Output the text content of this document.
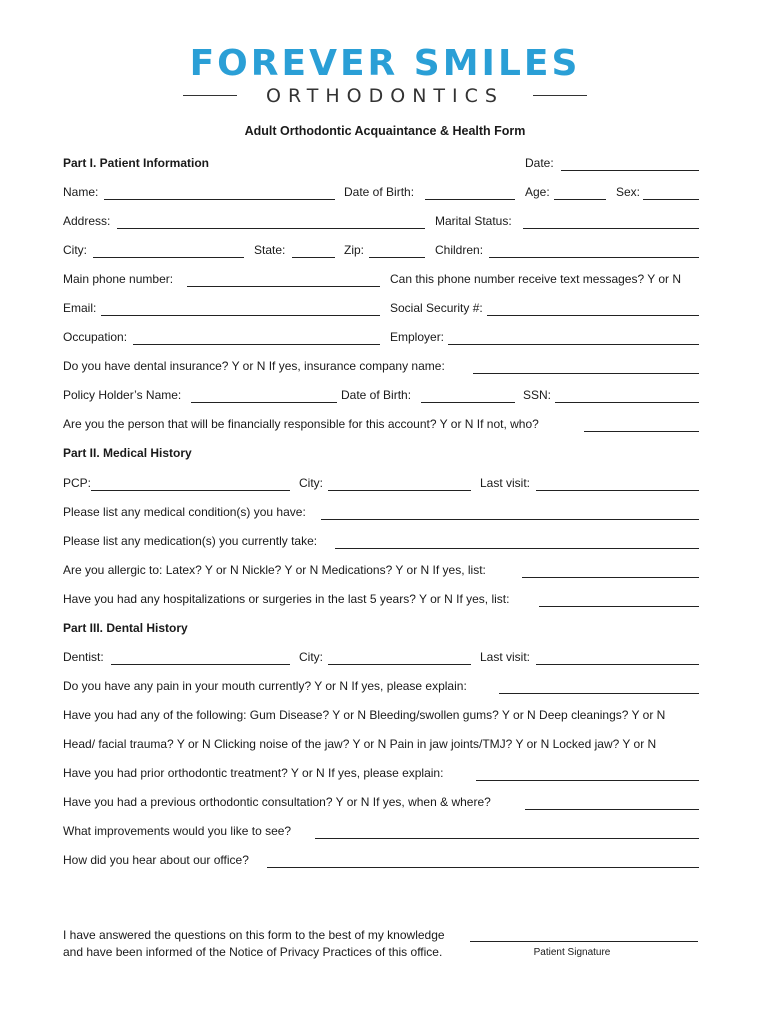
FOREVER SMILES
ORTHODONTICS
Adult Orthodontic Acquaintance & Health Form
Part I. Patient Information	Date:
Name:	Date of Birth:	Age:	Sex:
Address:	Marital Status:
City:	State:	Zip:	Children:
Main phone number:	Can this phone number receive text messages? Y or N
Email:	Social Security #:
Occupation:	Employer:
Do you have dental insurance? Y or N If yes, insurance company name:
Policy Holder’s Name:	Date of Birth:	SSN:
Are you the person that will be financially responsible for this account? Y or N If not, who?
Part II. Medical History
PCP:	City:	Last visit:
Please list any medical condition(s) you have:
Please list any medication(s) you currently take:
Are you allergic to: Latex? Y or N Nickle? Y or N Medications? Y or N If yes, list:
Have you had any hospitalizations or surgeries in the last 5 years? Y or N If yes, list:
Part III. Dental History
Dentist:	City:	Last visit:
Do you have any pain in your mouth currently? Y or N If yes, please explain:
Have you had any of the following: Gum Disease? Y or N Bleeding/swollen gums? Y or N Deep cleanings? Y or N
Head/ facial trauma? Y or N Clicking noise of the jaw? Y or N Pain in jaw joints/TMJ? Y or N Locked jaw? Y or N
Have you had prior orthodontic treatment? Y or N If yes, please explain:
Have you had a previous orthodontic consultation? Y or N If yes, when & where?
What improvements would you like to see?
How did you hear about our office?
I have answered the questions on this form to the best of my knowledge
and have been informed of the Notice of Privacy Practices of this office.	Patient Signature
